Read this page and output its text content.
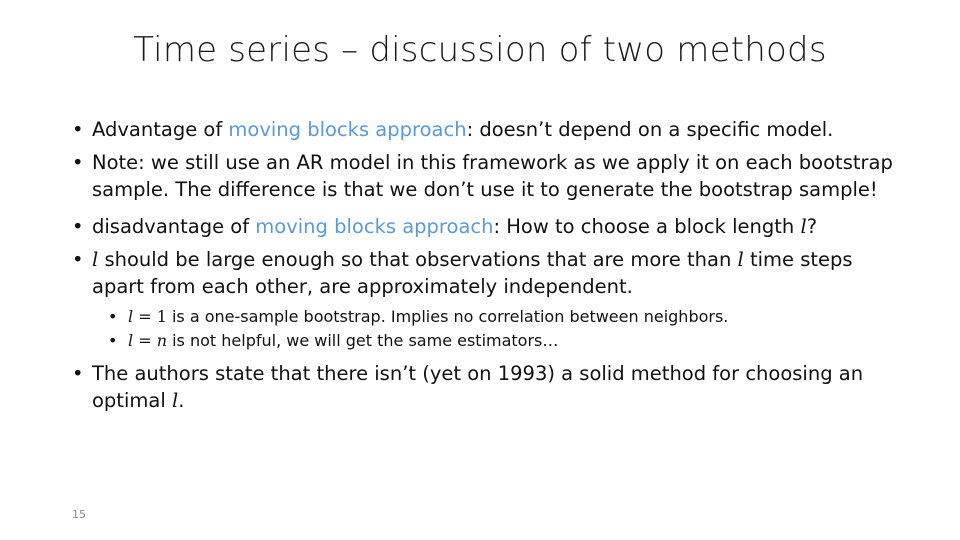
Time series – discussion of two methods
• Advantage of moving blocks approach: doesn’t depend on a specific model.
• Note: we still use an AR model in this framework as we apply it on each bootstrap sample. The difference is that we don’t use it to generate the bootstrap sample!
• disadvantage of moving blocks approach: How to choose a block length l?
• l should be large enough so that observations that are more than l time steps apart from each other, are approximately independent.
• l = 1 is a one-sample bootstrap. Implies no correlation between neighbors.
• l = n is not helpful, we will get the same estimators…
• The authors state that there isn’t (yet on 1993) a solid method for choosing an optimal l.
15
